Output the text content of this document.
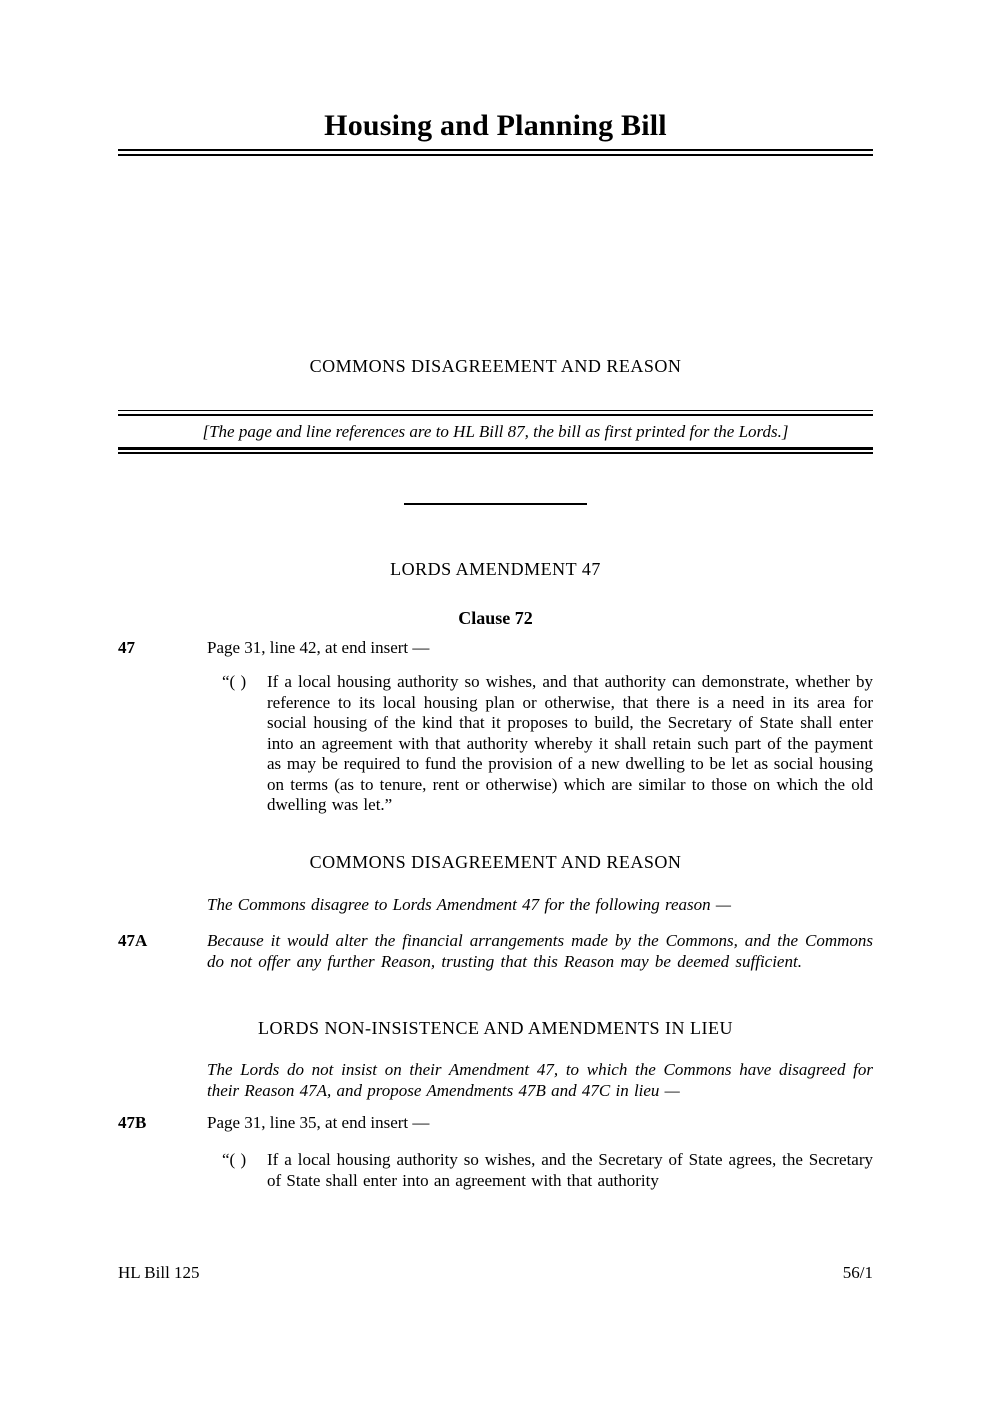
Housing and Planning Bill
COMMONS DISAGREEMENT AND REASON
[The page and line references are to HL Bill 87, the bill as first printed for the Lords.]
LORDS AMENDMENT 47
Clause 72
47	Page 31, line 42, at end insert —
“( ) If a local housing authority so wishes, and that authority can demonstrate, whether by reference to its local housing plan or otherwise, that there is a need in its area for social housing of the kind that it proposes to build, the Secretary of State shall enter into an agreement with that authority whereby it shall retain such part of the payment as may be required to fund the provision of a new dwelling to be let as social housing on terms (as to tenure, rent or otherwise) which are similar to those on which the old dwelling was let.”
COMMONS DISAGREEMENT AND REASON
The Commons disagree to Lords Amendment 47 for the following reason —
47A	Because it would alter the financial arrangements made by the Commons, and the Commons do not offer any further Reason, trusting that this Reason may be deemed sufficient.
LORDS NON-INSISTENCE AND AMENDMENTS IN LIEU
The Lords do not insist on their Amendment 47, to which the Commons have disagreed for their Reason 47A, and propose Amendments 47B and 47C in lieu —
47B	Page 31, line 35, at end insert —
“( ) If a local housing authority so wishes, and the Secretary of State agrees, the Secretary of State shall enter into an agreement with that authority
HL Bill 125	56/1
